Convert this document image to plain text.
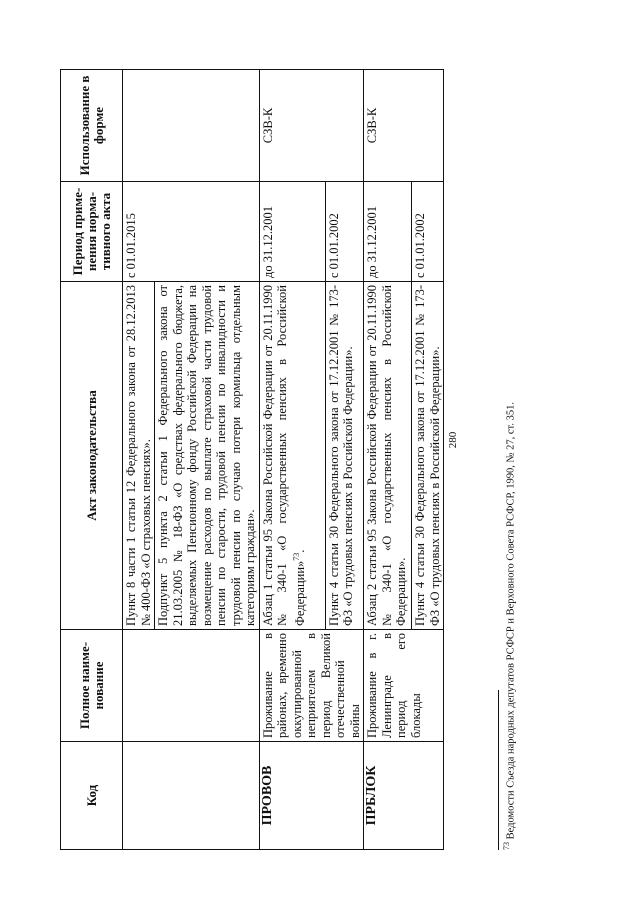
280
Код	Полное наиме-нование	Акт законодательства	Период приме-нения норма-тивного акта	Использование в форме
		Пункт 8 части 1 статьи 12 Федерального закона от 28.12.2013 № 400-ФЗ «О страховых пенсиях».	с 01.01.2015	
		Подпункт 5 пункта 2 статьи 1 Федерального закона от 21.03.2005 № 18-ФЗ «О средствах федерального бюджета, выделяемых Пенсионному фонду Российской Федерации на возмещение расходов по выплате страховой части трудовой пенсии по старости, трудовой пенсии по инвалидности и трудовой пенсии по случаю потери кормильца отдельным категориям граждан».		
ПРОВОВ	Проживание в районах, временно оккупированной неприятелем в период Великой отечественной войны	Абзац 1 статьи 95 Закона Российской Федерации от 20.11.1990 № 340-1 «О государственных пенсиях в Российской Федерации»$^{73}$.	до 31.12.2001	СЗВ-К
		Пункт 4 статьи 30 Федерального закона от 17.12.2001 № 173-ФЗ «О трудовых пенсиях в Российской Федерации».	с 01.01.2002	
ПРБЛОК	Проживание в г. Ленинграде в период его блокады	Абзац 2 статьи 95 Закона Российской Федерации от 20.11.1990 № 340-1 «О государственных пенсиях в Российской Федерации».	до 31.12.2001	СЗВ-К
		Пункт 4 статьи 30 Федерального закона от 17.12.2001 № 173-ФЗ «О трудовых пенсиях в Российской Федерации».	с 01.01.2002	
$^{73}$ Ведомости Съезда народных депутатов РСФСР и Верховного Совета РСФСР, 1990, № 27, ст. 351.
